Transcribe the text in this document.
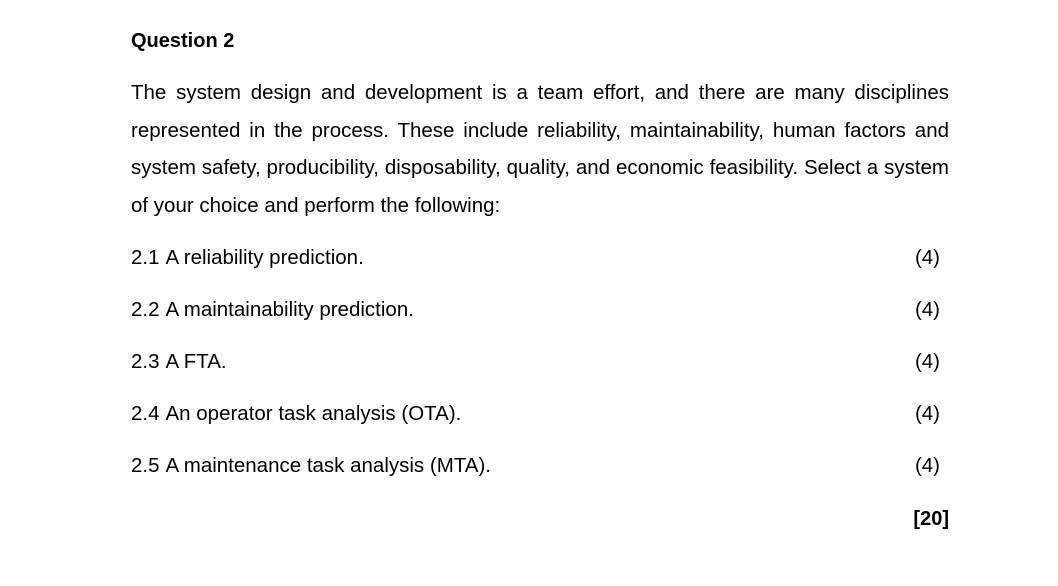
Question 2
The system design and development is a team effort, and there are many disciplines represented in the process. These include reliability, maintainability, human factors and system safety, producibility, disposability, quality, and economic feasibility. Select a system of your choice and perform the following:
2.1 A reliability prediction.	(4)
2.2 A maintainability prediction.	(4)
2.3 A FTA.	(4)
2.4 An operator task analysis (OTA).	(4)
2.5 A maintenance task analysis (MTA).	(4)
[20]
